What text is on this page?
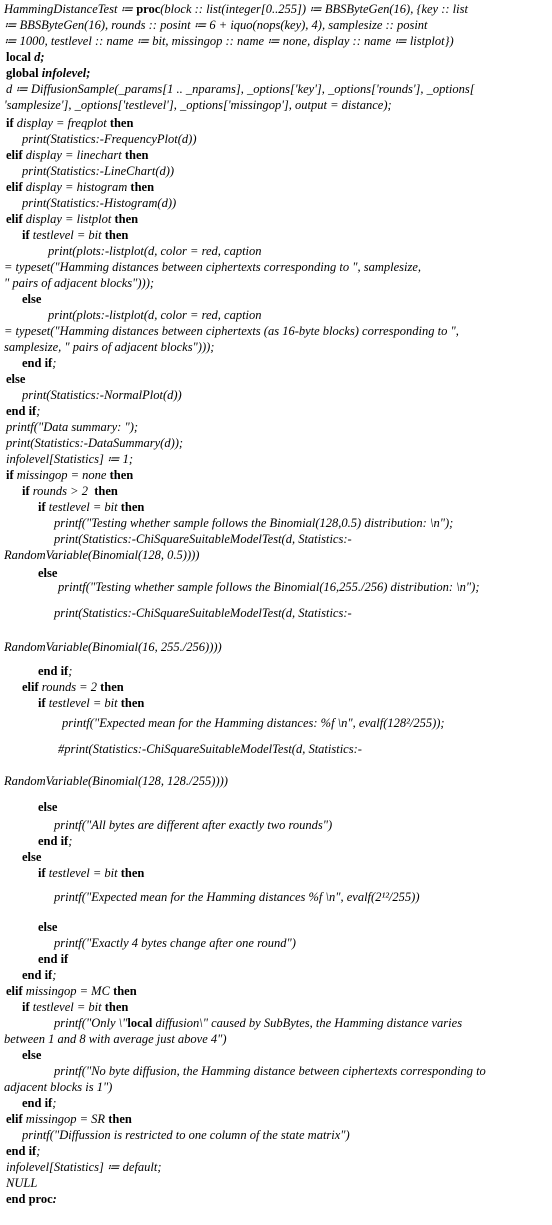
HammingDistanceTest ≔ proc(block :: list(integer[0..255]) ≔ BBSByteGen(16), {key :: list
≔ BBSByteGen(16), rounds :: posint ≔ 6 + iquo(nops(key), 4), samplesize :: posint
≔ 1000, testlevel :: name ≔ bit, missingop :: name ≔ none, display :: name ≔ listplot})
local d;
global infolevel;
d ≔ DiffusionSample(_params[1 .. _nparams], _options['key'], _options['rounds'], _options[
'samplesize'], _options['testlevel'], _options['missingop'], output = distance);
if display = freqplot then
print(Statistics:-FrequencyPlot(d))
elif display = linechart then
print(Statistics:-LineChart(d))
elif display = histogram then
print(Statistics:-Histogram(d))
elif display = listplot then
if testlevel = bit then
print(plots:-listplot(d, color = red, caption
= typeset("Hamming distances between ciphertexts corresponding to ", samplesize,
" pairs of adjacent blocks")));
else
print(plots:-listplot(d, color = red, caption
= typeset("Hamming distances between ciphertexts (as 16-byte blocks) corresponding to ",
samplesize, " pairs of adjacent blocks")));
end if;
else
print(Statistics:-NormalPlot(d))
end if;
printf("Data summary: ");
print(Statistics:-DataSummary(d));
infolevel[Statistics] ≔ 1;
if missingop = none then
if rounds > 2  then
if testlevel = bit then
printf("Testing whether sample follows the Binomial(128,0.5) distribution: \n");
print(Statistics:-ChiSquareSuitableModelTest(d, Statistics:-
RandomVariable(Binomial(128, 0.5))))
else
printf("Testing whether sample follows the Binomial(16,255./256) distribution: \n");
print(Statistics:-ChiSquareSuitableModelTest(d, Statistics:-
RandomVariable(Binomial(16, 255./256))))
end if;
elif rounds = 2 then
if testlevel = bit then
printf("Expected mean for the Hamming distances: %f \n", evalf(128²/255));
#print(Statistics:-ChiSquareSuitableModelTest(d, Statistics:-
RandomVariable(Binomial(128, 128./255))))
else
printf("All bytes are different after exactly two rounds")
end if;
else
if testlevel = bit then
printf("Expected mean for the Hamming distances %f \n", evalf(2¹²/255))
else
printf("Exactly 4 bytes change after one round")
end if
end if;
elif missingop = MC then
if testlevel = bit then
printf("Only \"local diffusion\" caused by SubBytes, the Hamming distance varies
between 1 and 8 with average just above 4")
else
printf("No byte diffusion, the Hamming distance between ciphertexts corresponding to
adjacent blocks is 1")
end if;
elif missingop = SR then
printf("Diffussion is restricted to one column of the state matrix")
end if;
infolevel[Statistics] ≔ default;
NULL
end proc:
